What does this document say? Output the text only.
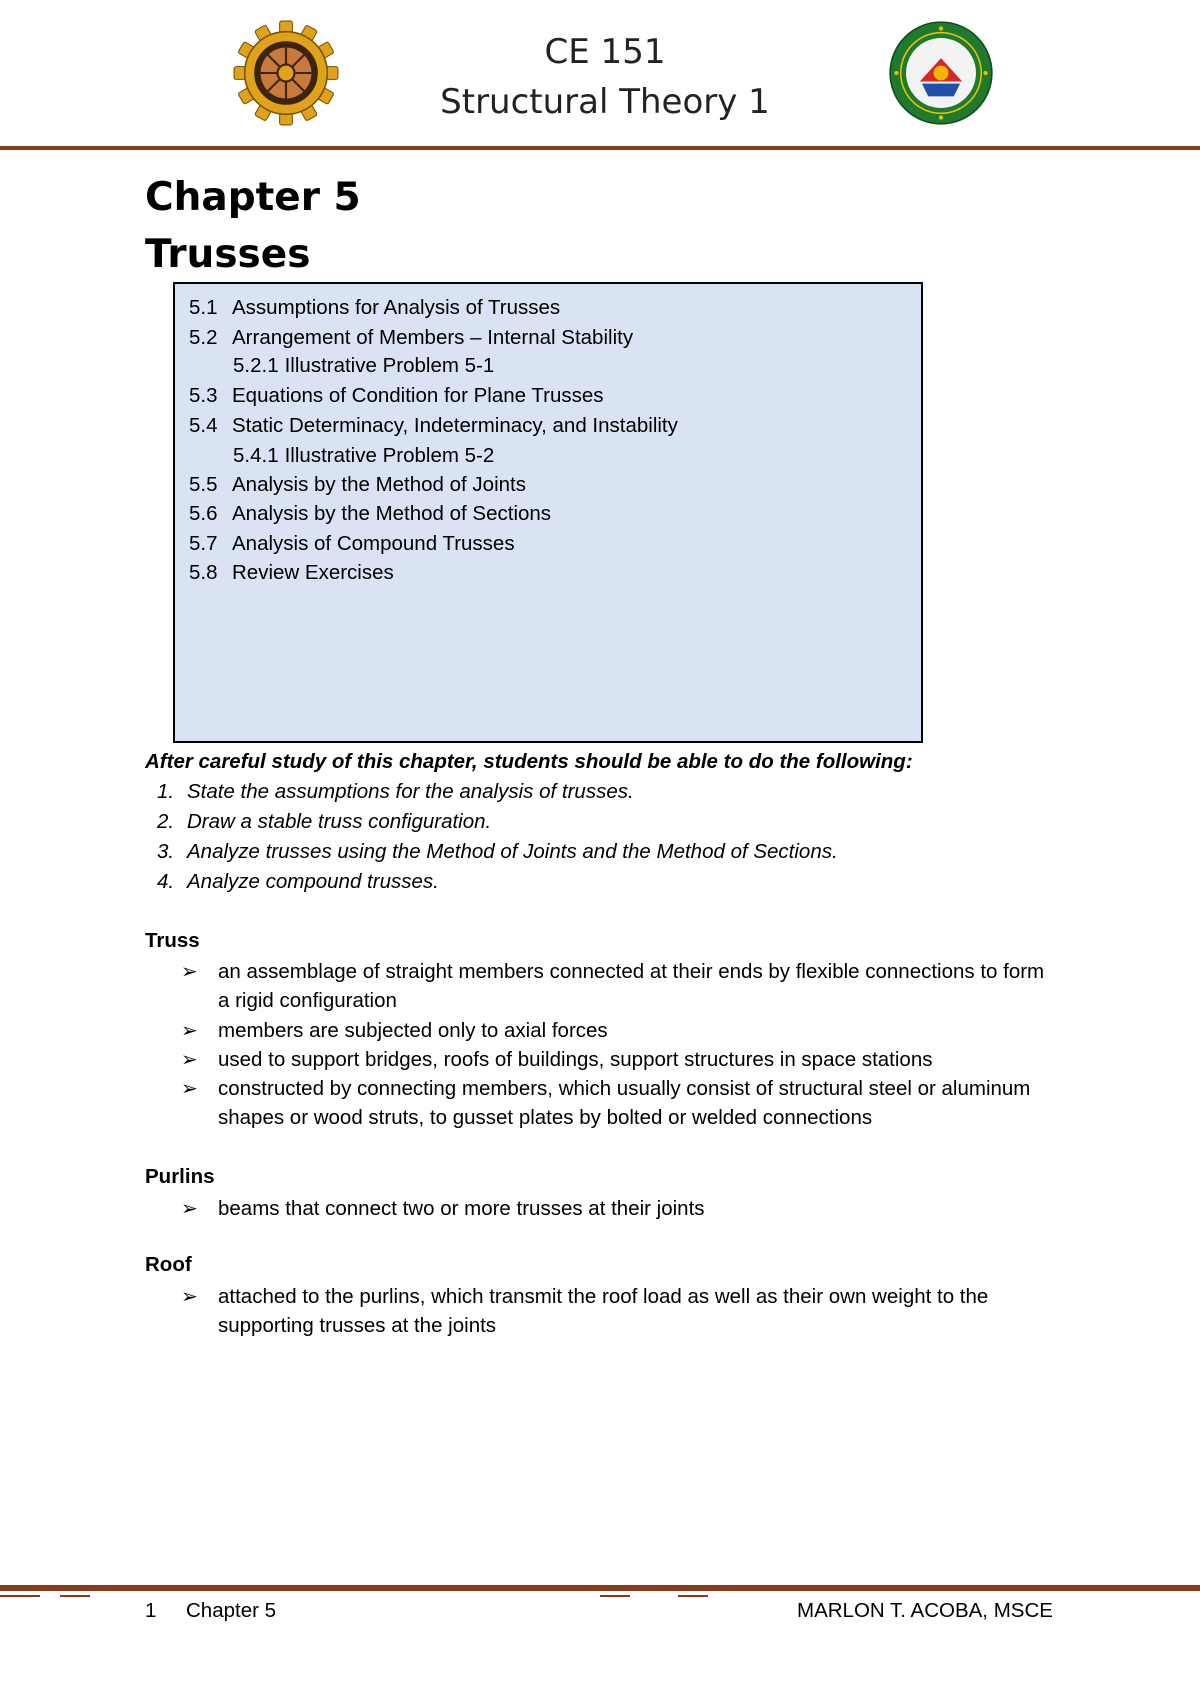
CE 151
Structural Theory 1
Chapter 5
Trusses
5.1 Assumptions for Analysis of Trusses
5.2 Arrangement of Members – Internal Stability
5.2.1 Illustrative Problem 5-1
5.3 Equations of Condition for Plane Trusses
5.4 Static Determinacy, Indeterminacy, and Instability
5.4.1 Illustrative Problem 5-2
5.5 Analysis by the Method of Joints
5.6 Analysis by the Method of Sections
5.7 Analysis of Compound Trusses
5.8 Review Exercises
After careful study of this chapter, students should be able to do the following:
1. State the assumptions for the analysis of trusses.
2. Draw a stable truss configuration.
3. Analyze trusses using the Method of Joints and the Method of Sections.
4. Analyze compound trusses.
Truss
➢ an assemblage of straight members connected at their ends by flexible connections to form a rigid configuration
➢ members are subjected only to axial forces
➢ used to support bridges, roofs of buildings, support structures in space stations
➢ constructed by connecting members, which usually consist of structural steel or aluminum shapes or wood struts, to gusset plates by bolted or welded connections
Purlins
➢ beams that connect two or more trusses at their joints
Roof
➢ attached to the purlins, which transmit the roof load as well as their own weight to the supporting trusses at the joints
1 Chapter 5	MARLON T. ACOBA, MSCE
